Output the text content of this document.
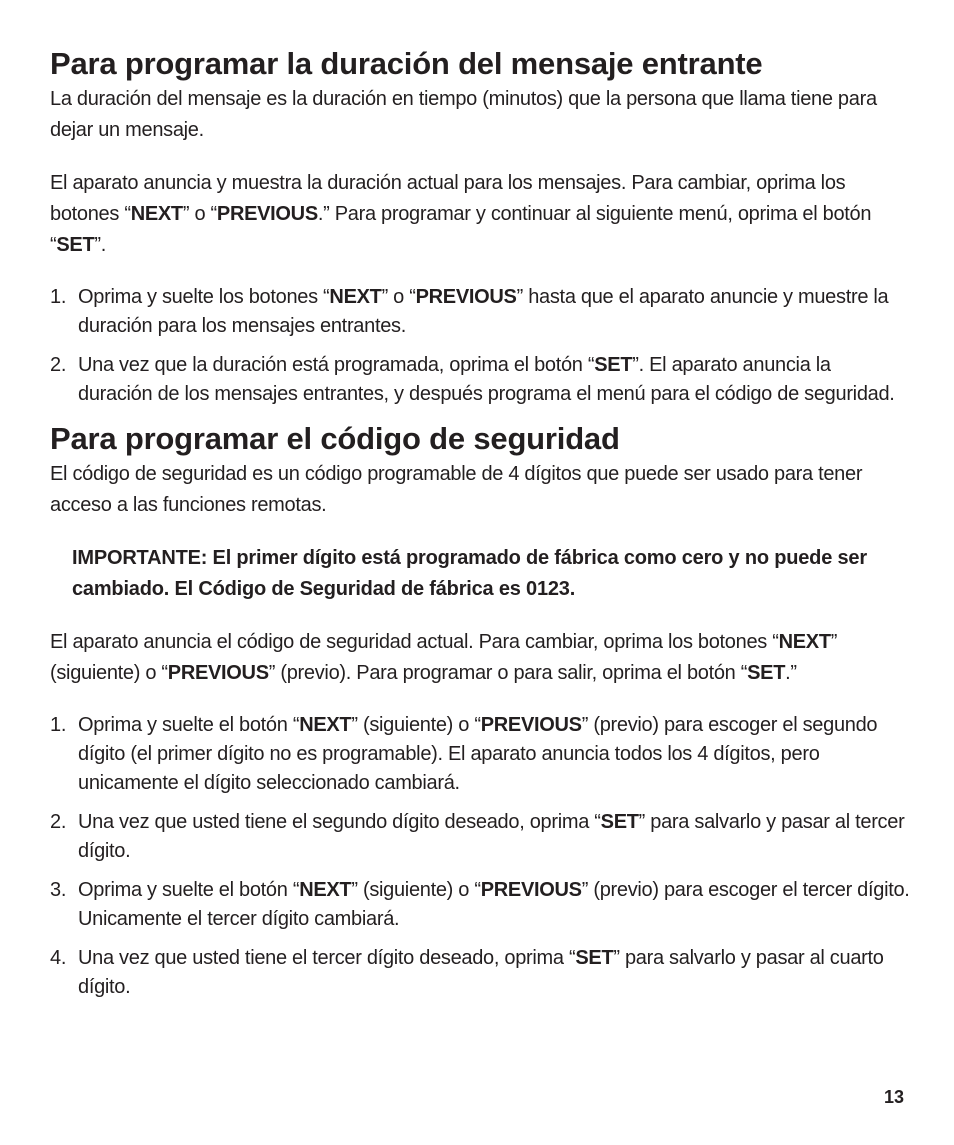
Para programar la duración del mensaje entrante

La duración del mensaje es la duración en tiempo (minutos) que la persona que llama tiene para dejar un mensaje.

El aparato anuncia y muestra la duración actual para los mensajes. Para cambiar, oprima los botones “NEXT” o “PREVIOUS.” Para programar y continuar al siguiente menú, oprima el botón “SET”.

1. Oprima y suelte los botones “NEXT” o “PREVIOUS” hasta que el aparato anuncie y muestre la duración para los mensajes entrantes.
2. Una vez que la duración está programada, oprima el botón “SET”. El aparato anuncia la duración de los mensajes entrantes, y después programa el menú para el código de seguridad.
Para programar el código de seguridad

El código de seguridad es un código programable de 4 dígitos que puede ser usado para tener acceso a las funciones remotas.

IMPORTANTE: El primer dígito está programado de fábrica como cero y no puede ser cambiado. El Código de Seguridad de fábrica es 0123.

El aparato anuncia el código de seguridad actual. Para cambiar, oprima los botones “NEXT” (siguiente) o “PREVIOUS” (previo). Para programar o para salir, oprima el botón “SET.”

1. Oprima y suelte el botón “NEXT” (siguiente) o “PREVIOUS” (previo) para escoger el segundo dígito (el primer dígito no es programable). El aparato anuncia todos los 4 dígitos, pero unicamente el dígito seleccionado cambiará.
2. Una vez que usted tiene el segundo dígito deseado, oprima “SET” para salvarlo y pasar al tercer dígito.
3. Oprima y suelte el botón “NEXT” (siguiente) o “PREVIOUS” (previo) para escoger el tercer dígito. Unicamente el tercer dígito cambiará.
4. Una vez que usted tiene el tercer dígito deseado, oprima “SET” para salvarlo y pasar al cuarto dígito.
13
